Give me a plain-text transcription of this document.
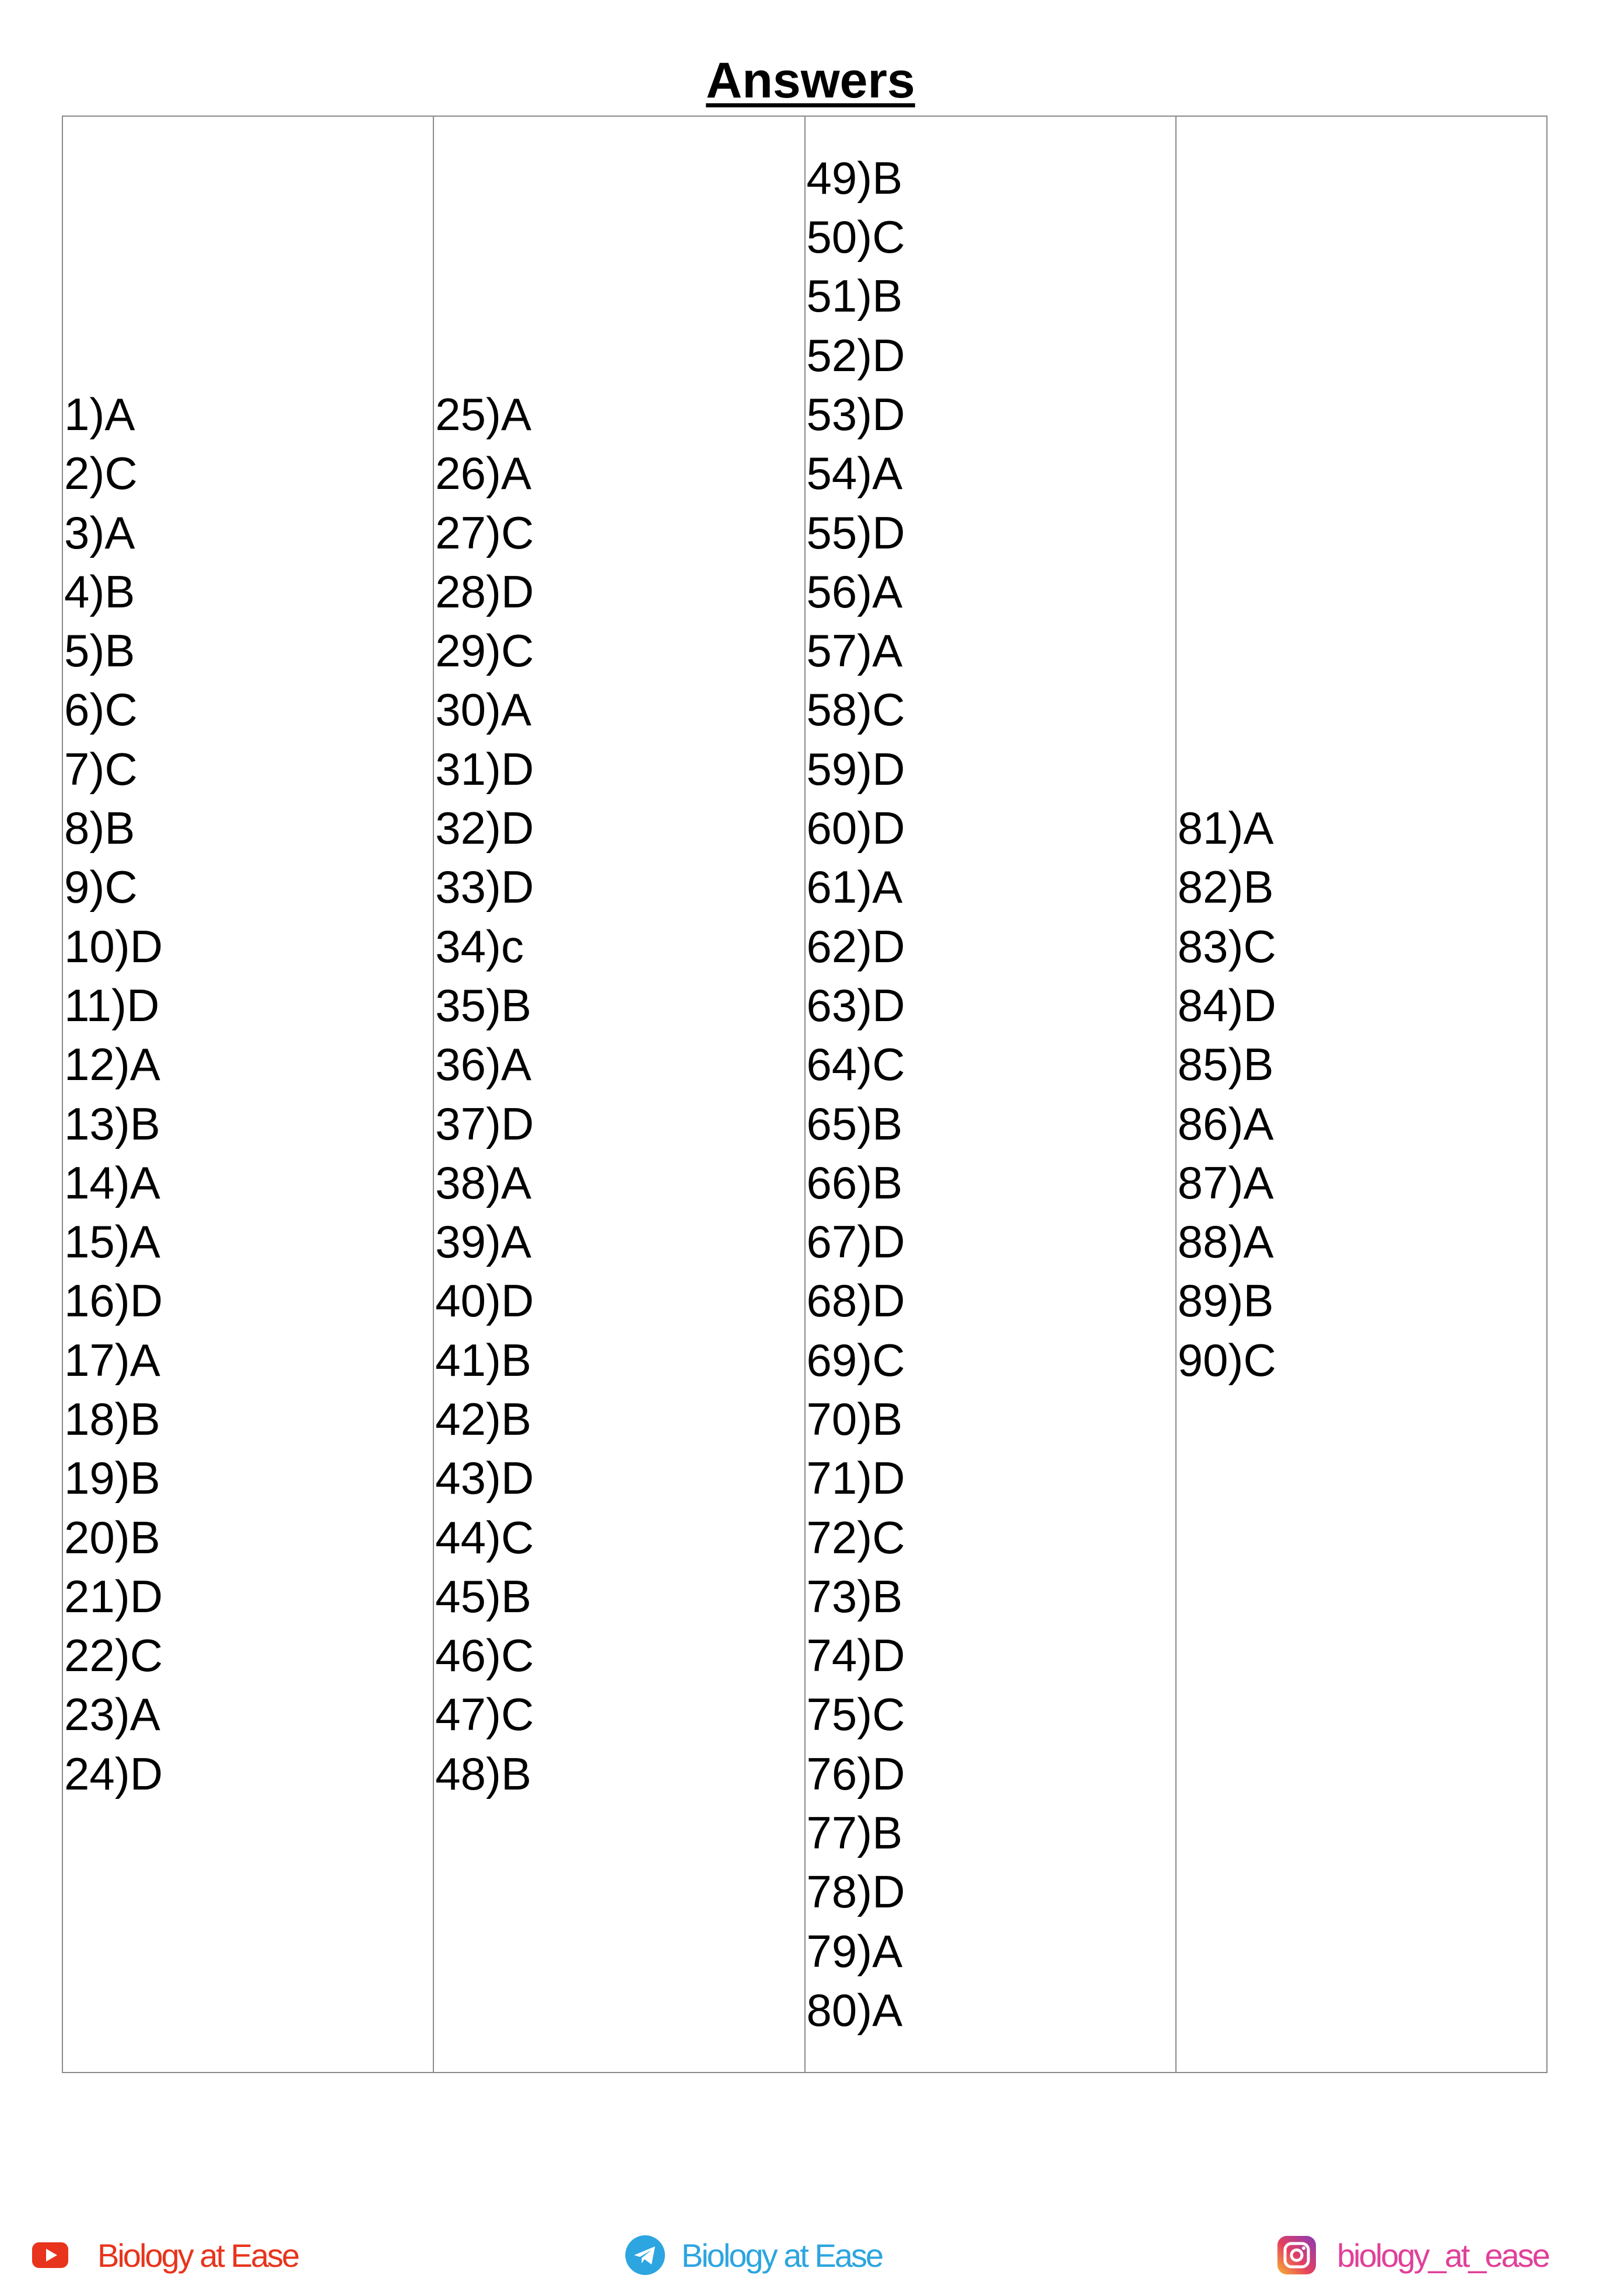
Answers
1)A
2)C
3)A
4)B
5)B
6)C
7)C
8)B
9)C
10)D
11)D
12)A
13)B
14)A
15)A
16)D
17)A
18)B
19)B
20)B
21)D
22)C
23)A
24)D
25)A
26)A
27)C
28)D
29)C
30)A
31)D
32)D
33)D
34)c
35)B
36)A
37)D
38)A
39)A
40)D
41)B
42)B
43)D
44)C
45)B
46)C
47)C
48)B
49)B
50)C
51)B
52)D
53)D
54)A
55)D
56)A
57)A
58)C
59)D
60)D
61)A
62)D
63)D
64)C
65)B
66)B
67)D
68)D
69)C
70)B
71)D
72)C
73)B
74)D
75)C
76)D
77)B
78)D
79)A
80)A
81)A
82)B
83)C
84)D
85)B
86)A
87)A
88)A
89)B
90)C
Biology at Ease	Biology at Ease	biology_at_ease
